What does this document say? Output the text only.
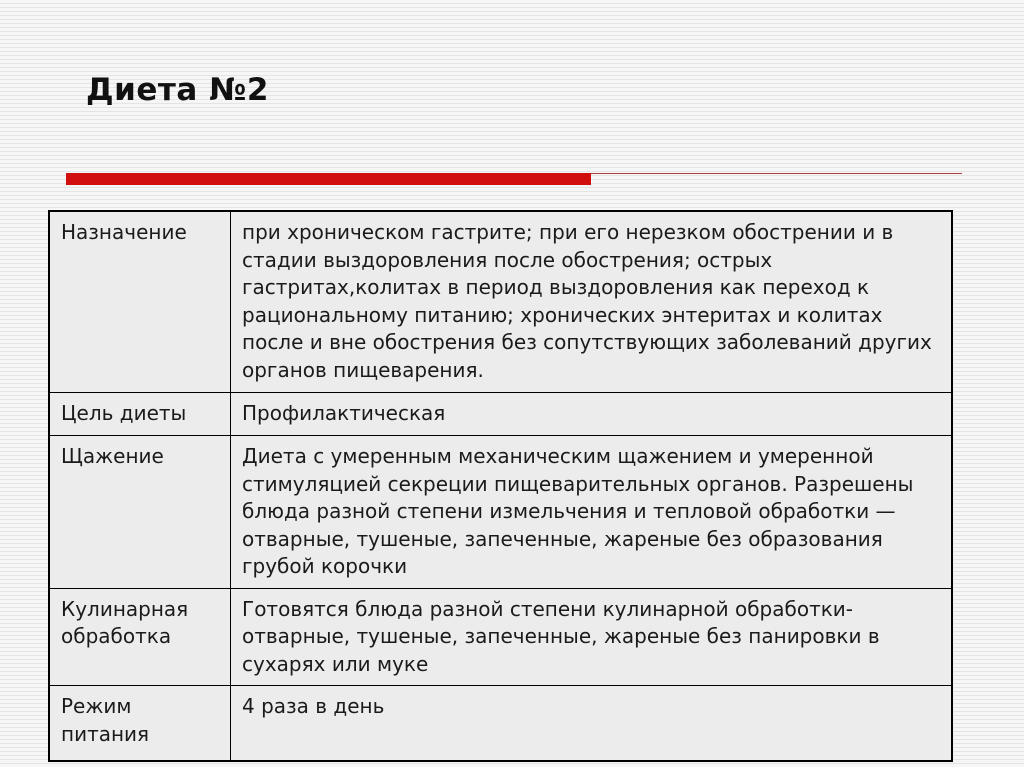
Диета №2
Назначение	при хроническом гастрите; при его нерезком обострении и в стадии выздоровления после обострения; острых гастритах,колитах в период выздоровления как переход к рациональному питанию; хронических энтеритах и колитах после и вне обострения без сопутствующих заболеваний других органов пищеварения.
Цель диеты	Профилактическая
Щажение	Диета с умеренным механическим щажением и умеренной стимуляцией секреции пищеварительных органов. Разрешены блюда разной степени измельчения и тепловой обработки — отварные, тушеные, запеченные, жареные без образования грубой корочки
Кулинарная обработка	Готовятся блюда разной степени кулинарной обработки- отварные, тушеные, запеченные, жареные без панировки в сухарях или муке
Режим питания	4 раза в день
